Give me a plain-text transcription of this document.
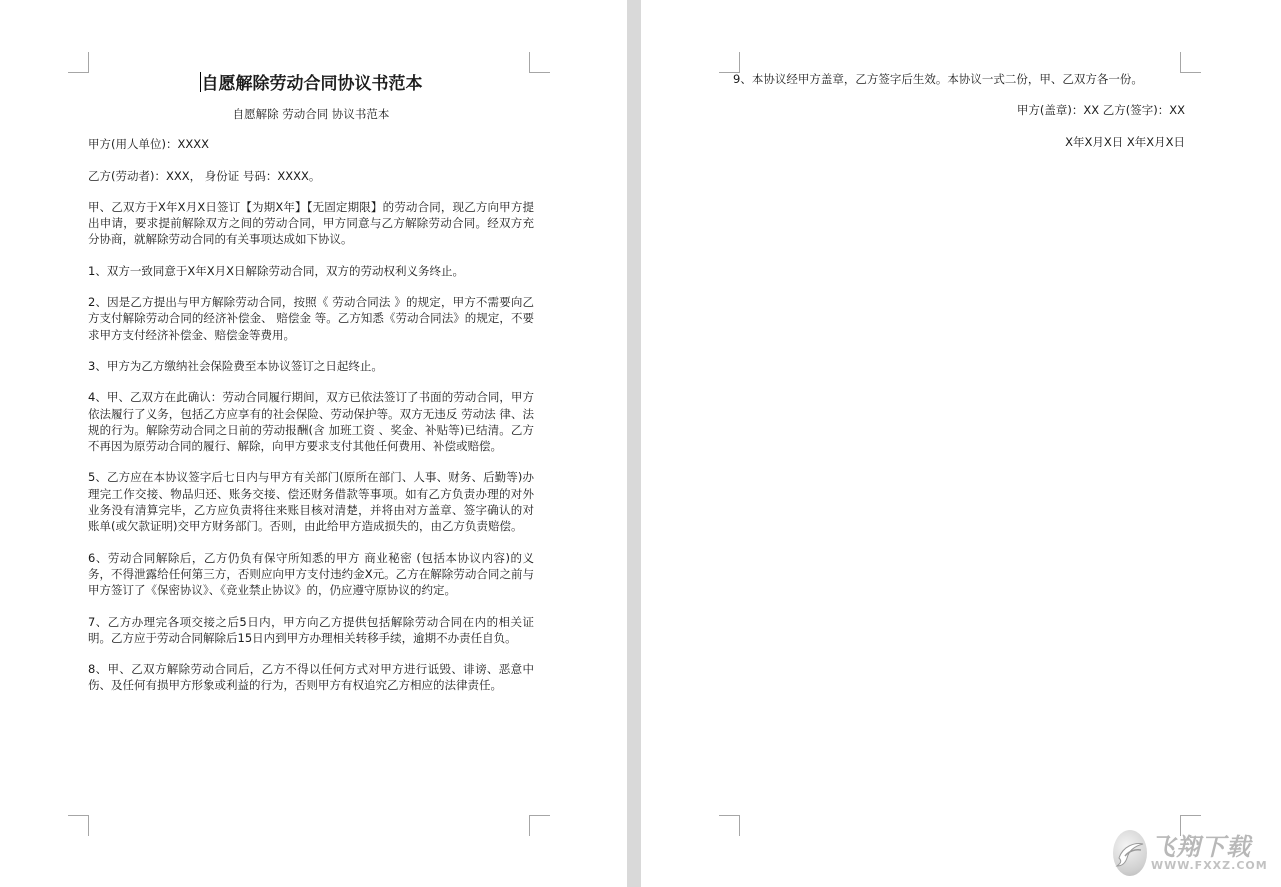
自愿解除劳动合同协议书范本
自愿解除 劳动合同 协议书范本

甲方(用人单位)：XXXX

乙方(劳动者)：XXX， 身份证 号码：XXXX。

甲、乙双方于X年X月X日签订【为期X年】【无固定期限】的劳动合同，现乙方向甲方提出申请，要求提前解除双方之间的劳动合同，甲方同意与乙方解除劳动合同。经双方充分协商，就解除劳动合同的有关事项达成如下协议。

1、双方一致同意于X年X月X日解除劳动合同，双方的劳动权利义务终止。

2、因是乙方提出与甲方解除劳动合同，按照《 劳动合同法 》的规定，甲方不需要向乙方支付解除劳动合同的经济补偿金、 赔偿金 等。乙方知悉《劳动合同法》的规定，不要求甲方支付经济补偿金、赔偿金等费用。

3、甲方为乙方缴纳社会保险费至本协议签订之日起终止。

4、甲、乙双方在此确认：劳动合同履行期间，双方已依法签订了书面的劳动合同，甲方依法履行了义务，包括乙方应享有的社会保险、劳动保护等。双方无违反 劳动法 律、法规的行为。解除劳动合同之日前的劳动报酬(含 加班工资 、奖金、补贴等)已结清。乙方不再因为原劳动合同的履行、解除，向甲方要求支付其他任何费用、补偿或赔偿。

5、乙方应在本协议签字后七日内与甲方有关部门(原所在部门、人事、财务、后勤等)办理完工作交接、物品归还、账务交接、偿还财务借款等事项。如有乙方负责办理的对外业务没有清算完毕，乙方应负责将往来账目核对清楚，并将由对方盖章、签字确认的对账单(或欠款证明)交甲方财务部门。否则，由此给甲方造成损失的，由乙方负责赔偿。

6、劳动合同解除后，乙方仍负有保守所知悉的甲方 商业秘密 (包括本协议内容)的义务，不得泄露给任何第三方，否则应向甲方支付违约金X元。乙方在解除劳动合同之前与甲方签订了《保密协议》、《竞业禁止协议》的，仍应遵守原协议的约定。

7、乙方办理完各项交接之后5日内，甲方向乙方提供包括解除劳动合同在内的相关证明。乙方应于劳动合同解除后15日内到甲方办理相关转移手续，逾期不办责任自负。

8、甲、乙双方解除劳动合同后，乙方不得以任何方式对甲方进行诋毁、诽谤、恶意中伤、及任何有损甲方形象或利益的行为，否则甲方有权追究乙方相应的法律责任。

9、本协议经甲方盖章，乙方签字后生效。本协议一式二份，甲、乙双方各一份。

甲方(盖章)：XX 乙方(签字)：XX

X年X月X日 X年X月X日

飞翔下载
WWW.FXXZ.COM
